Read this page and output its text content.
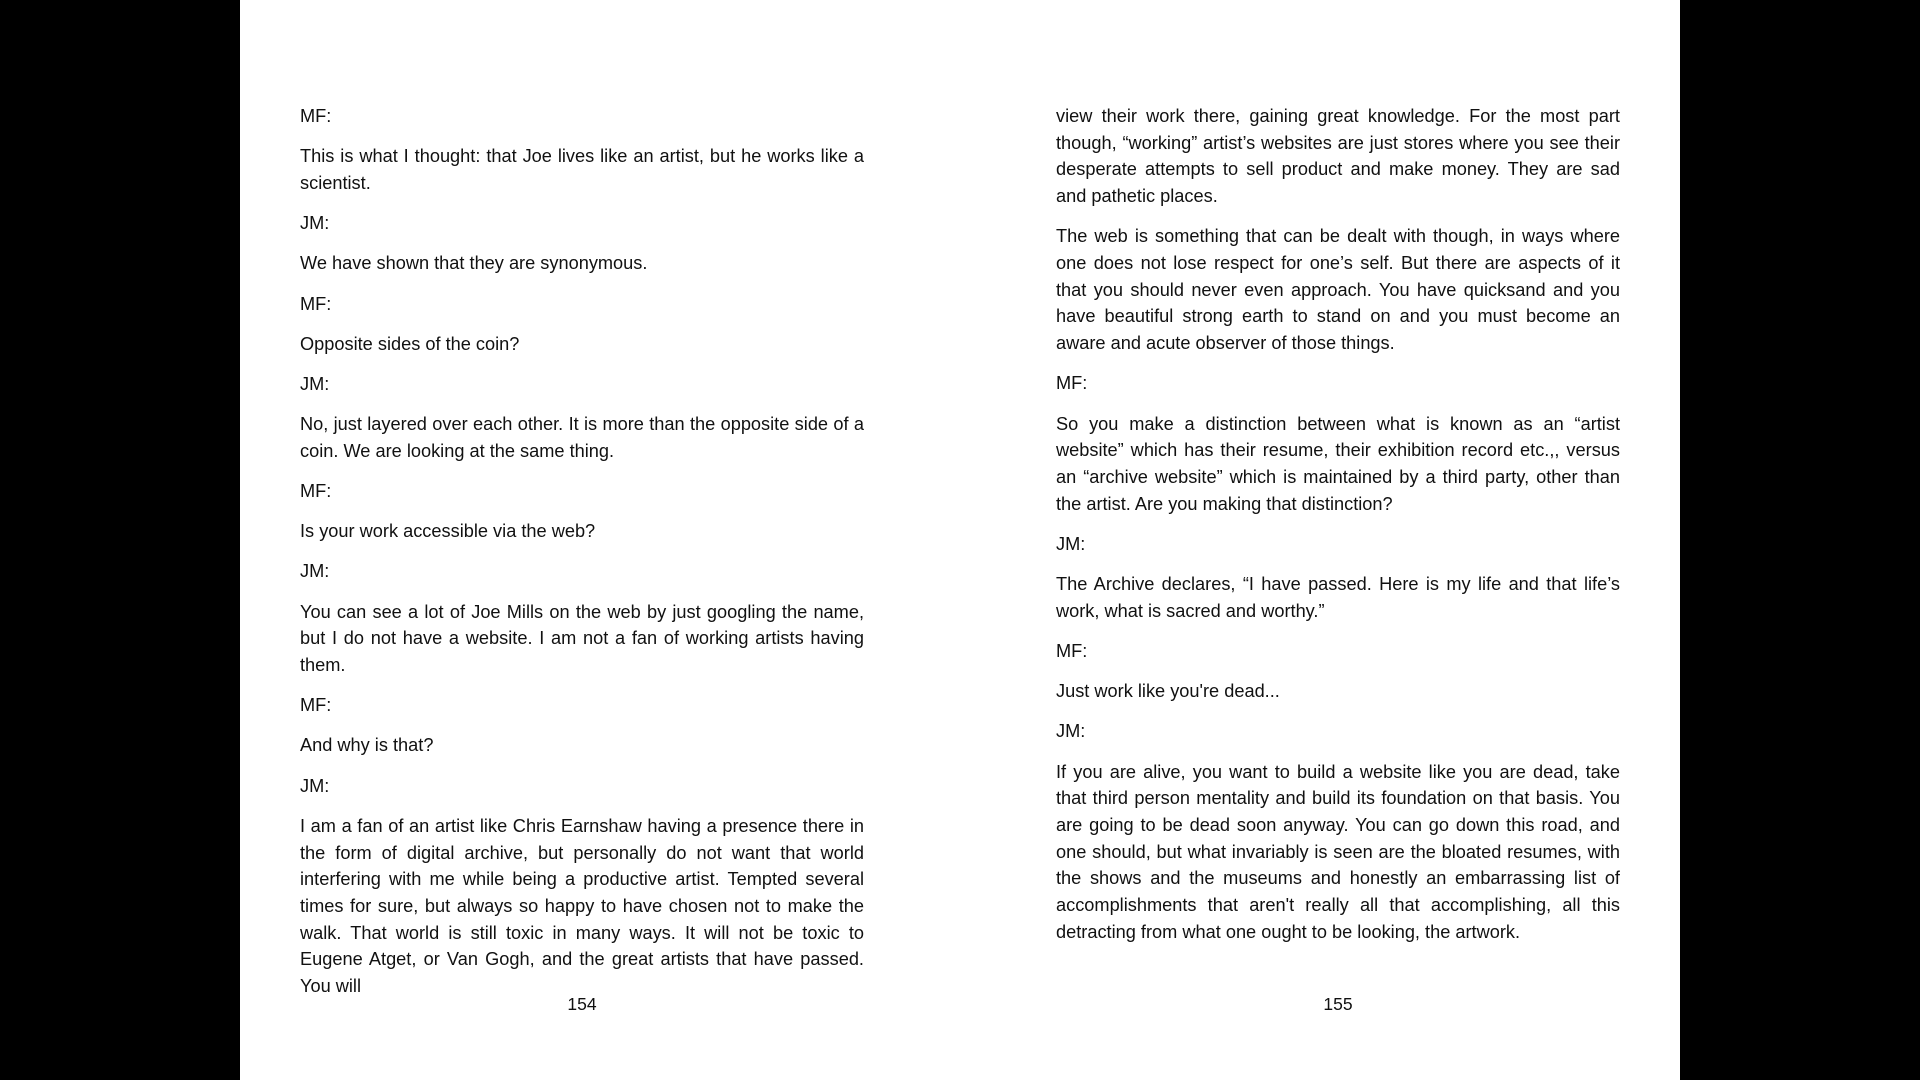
MF:

This is what I thought: that Joe lives like an artist, but he works like a scientist.

JM:

We have shown that they are synonymous.

MF:

Opposite sides of the coin?

JM:

No, just layered over each other. It is more than the opposite side of a coin. We are looking at the same thing.

MF:

Is your work accessible via the web?

JM:

You can see a lot of Joe Mills on the web by just googling the name, but I do not have a website. I am not a fan of working artists having them.

MF:

And why is that?

JM:

I am a fan of an artist like Chris Earnshaw having a presence there in the form of digital archive, but personally do not want that world interfering with me while being a productive artist. Tempted several times for sure, but always so happy to have chosen not to make the walk. That world is still toxic in many ways. It will not be toxic to Eugene Atget, or Van Gogh, and the great artists that have passed. You will

154

view their work there, gaining great knowledge. For the most part though, “working” artist’s websites are just stores where you see their desperate attempts to sell product and make money. They are sad and pathetic places.

The web is something that can be dealt with though, in ways where one does not lose respect for one’s self. But there are aspects of it that you should never even approach. You have quicksand and you have beautiful strong earth to stand on and you must become an aware and acute observer of those things.

MF:

So you make a distinction between what is known as an “artist website” which has their resume, their exhibition record etc.,, versus an “archive website” which is maintained by a third party, other than the artist. Are you making that distinction?

JM:

The Archive declares, “I have passed. Here is my life and that life’s work, what is sacred and worthy.”

MF:

Just work like you're dead...

JM:

If you are alive, you want to build a website like you are dead, take that third person mentality and build its foundation on that basis. You are going to be dead soon anyway. You can go down this road, and one should, but what invariably is seen are the bloated resumes, with the shows and the museums and honestly an embarrassing list of accomplishments that aren't really all that accomplishing, all this detracting from what one ought to be looking, the artwork.

155
